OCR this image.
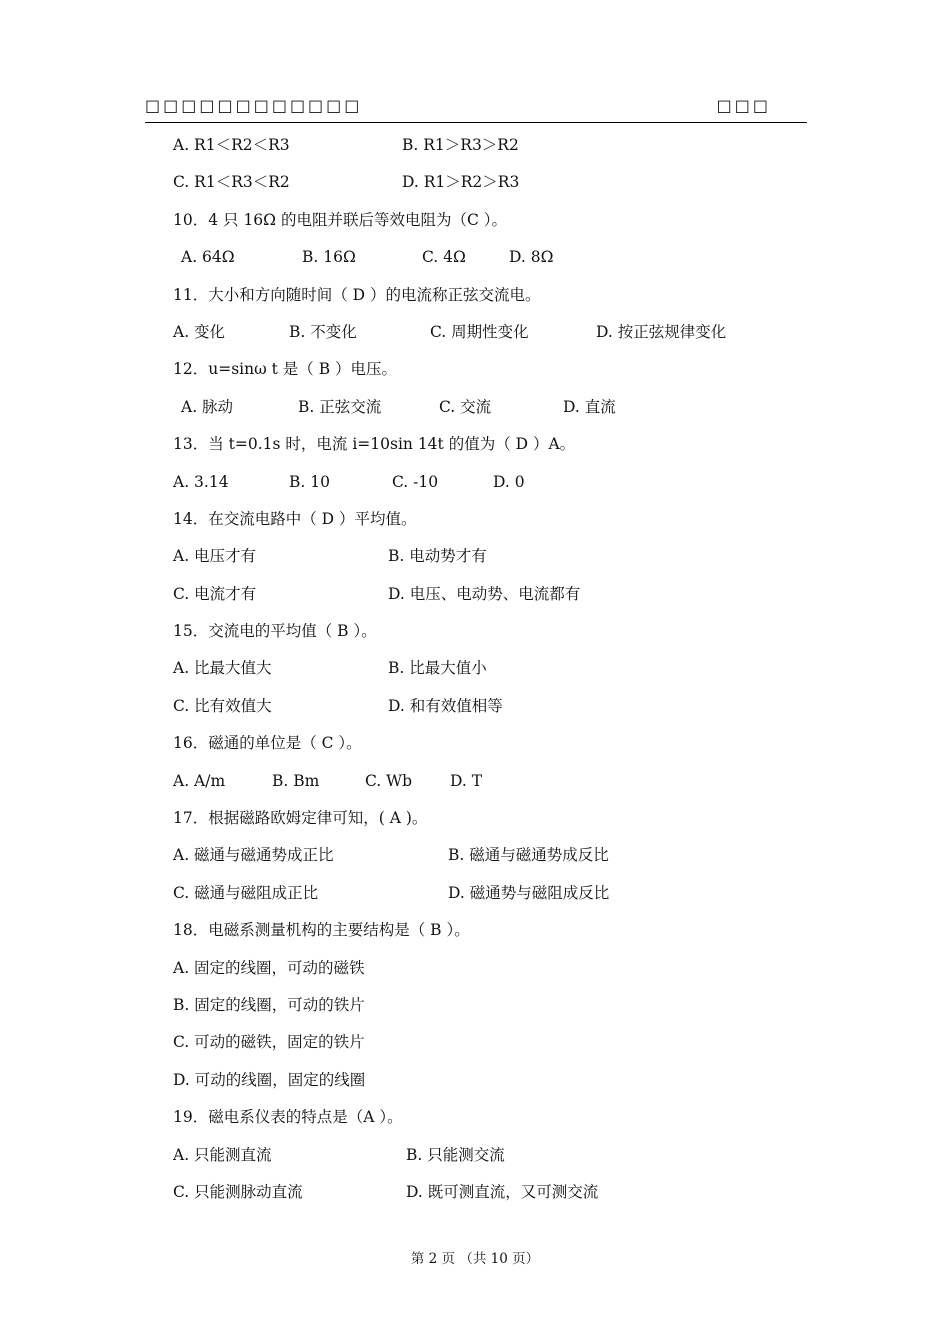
□□□□□□□□□□□□	□□□
A. R1＜R2＜R3	B. R1＞R3＞R2
C. R1＜R3＜R2	D. R1＞R2＞R3
10．4 只 16Ω 的电阻并联后等效电阻为（C ）。
A. 64Ω	B. 16Ω	C. 4Ω	D. 8Ω
11．大小和方向随时间（ D ）的电流称正弦交流电。
A. 变化	B. 不变化	C. 周期性变化	D. 按正弦规律变化
12．u=sinω t 是（ B ）电压。
A. 脉动	B. 正弦交流	C. 交流	D. 直流
13．当 t=0.1s 时，电流 i=10sin 14t 的值为（ D ）A。
A. 3.14	B. 10	C. -10	D. 0
14．在交流电路中（ D ）平均值。
A. 电压才有	B. 电动势才有
C. 电流才有	D. 电压、电动势、电流都有
15．交流电的平均值（ B ）。
A. 比最大值大	B. 比最大值小
C. 比有效值大	D. 和有效值相等
16．磁通的单位是（ C ）。
A. A/m	B. Bm	C. Wb D. T
17．根据磁路欧姆定律可知，( A )。
A. 磁通与磁通势成正比	B. 磁通与磁通势成反比
C. 磁通与磁阻成正比	D. 磁通势与磁阻成反比
18．电磁系测量机构的主要结构是（ B ）。
A. 固定的线圈，可动的磁铁
B. 固定的线圈，可动的铁片
C. 可动的磁铁，固定的铁片
D. 可动的线圈，固定的线圈
19．磁电系仪表的特点是（A ）。
A. 只能测直流	B. 只能测交流
C. 只能测脉动直流	D. 既可测直流，又可测交流
第 2 页 （共 10 页）
